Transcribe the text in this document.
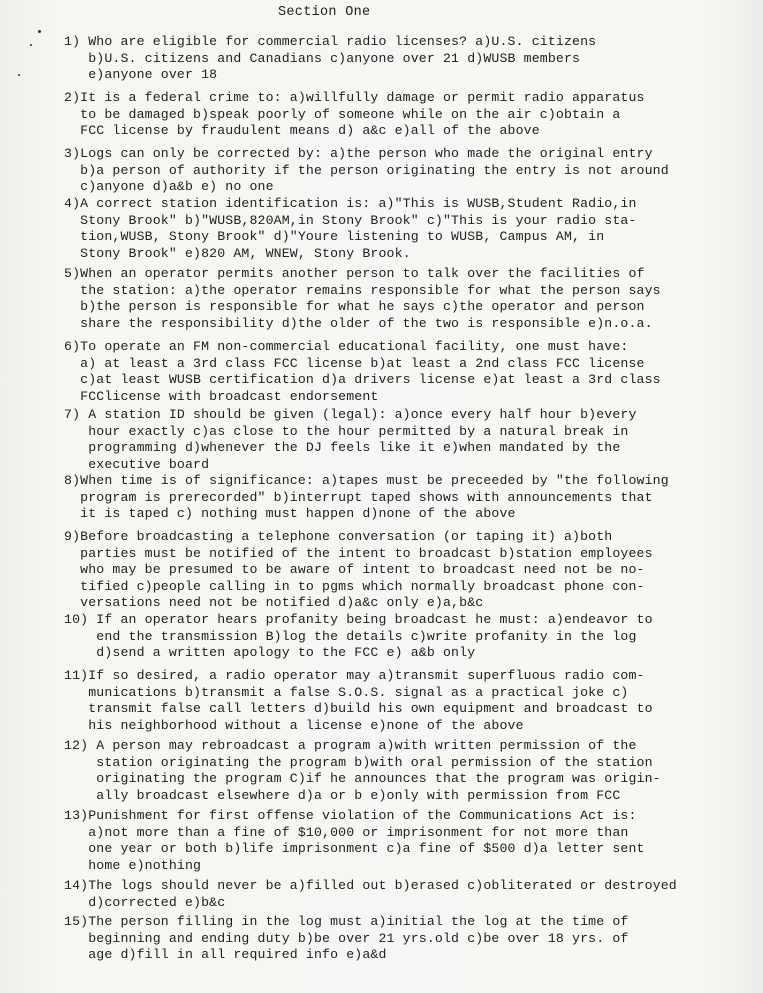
Section One
1) Who are eligible for commercial radio licenses? a)U.S. citizens
b)U.S. citizens and Canadians c)anyone over 21 d)WUSB members
e)anyone over 18
2)It is a federal crime to: a)willfully damage or permit radio apparatus
to be damaged b)speak poorly of someone while on the air c)obtain a
FCC license by fraudulent means d) a&c e)all of the above
3)Logs can only be corrected by: a)the person who made the original entry
b)a person of authority if the person originating the entry is not around
c)anyone d)a&b e) no one
4)A correct station identification is: a)"This is WUSB,Student Radio,in
Stony Brook" b)"WUSB,820AM,in Stony Brook" c)"This is your radio sta-
tion,WUSB, Stony Brook" d)"Youre listening to WUSB, Campus AM, in
Stony Brook" e)820 AM, WNEW, Stony Brook.
5)When an operator permits another person to talk over the facilities of
the station: a)the operator remains responsible for what the person says
b)the person is responsible for what he says c)the operator and person
share the responsibility d)the older of the two is responsible e)n.o.a.
6)To operate an FM non-commercial educational facility, one must have:
a) at least a 3rd class FCC license b)at least a 2nd class FCC license
c)at least WUSB certification d)a drivers license e)at least a 3rd class
FCClicense with broadcast endorsement
7) A station ID should be given (legal): a)once every half hour b)every
hour exactly c)as close to the hour permitted by a natural break in
programming d)whenever the DJ feels like it e)when mandated by the
executive board
8)When time is of significance: a)tapes must be preceeded by "the following
program is prerecorded" b)interrupt taped shows with announcements that
it is taped c) nothing must happen d)none of the above
9)Before broadcasting a telephone conversation (or taping it) a)both
parties must be notified of the intent to broadcast b)station employees
who may be presumed to be aware of intent to broadcast need not be no-
tified c)people calling in to pgms which normally broadcast phone con-
versations need not be notified d)a&c only e)a,b&c
10) If an operator hears profanity being broadcast he must: a)endeavor to
end the transmission B)log the details c)write profanity in the log
d)send a written apology to the FCC e) a&b only
11)If so desired, a radio operator may a)transmit superfluous radio com-
munications b)transmit a false S.O.S. signal as a practical joke c)
transmit false call letters d)build his own equipment and broadcast to
his neighborhood without a license e)none of the above
12) A person may rebroadcast a program a)with written permission of the
station originating the program b)with oral permission of the station
originating the program C)if he announces that the program was origin-
ally broadcast elsewhere d)a or b e)only with permission from FCC
13)Punishment for first offense violation of the Communications Act is:
a)not more than a fine of $10,000 or imprisonment for not more than
one year or both b)life imprisonment c)a fine of $500 d)a letter sent
home e)nothing
14)The logs should never be a)filled out b)erased c)obliterated or destroyed
d)corrected e)b&c
15)The person filling in the log must a)initial the log at the time of
beginning and ending duty b)be over 21 yrs.old c)be over 18 yrs. of
age d)fill in all required info e)a&d
